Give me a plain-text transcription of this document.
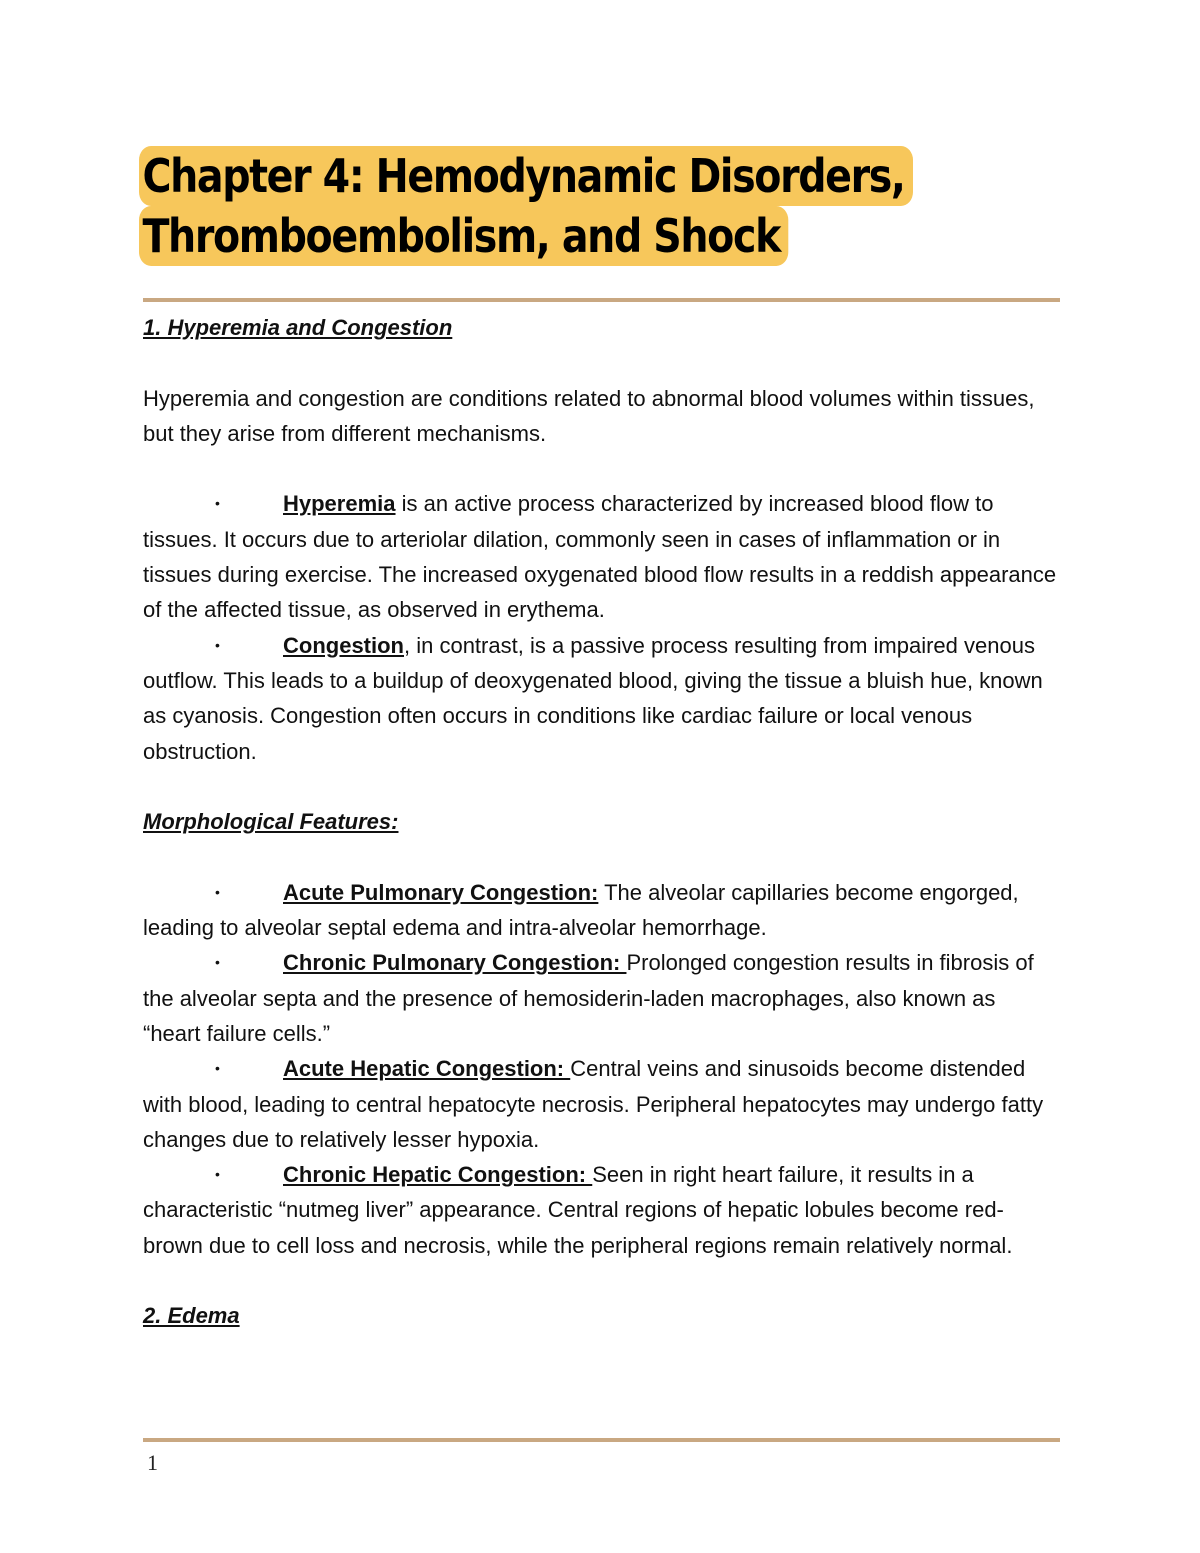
Chapter 4: Hemodynamic Disorders,
Thromboembolism, and Shock

1. Hyperemia and Congestion

Hyperemia and congestion are conditions related to abnormal blood volumes within tissues, but they arise from different mechanisms.

•	Hyperemia is an active process characterized by increased blood flow to tissues. It occurs due to arteriolar dilation, commonly seen in cases of inflammation or in tissues during exercise. The increased oxygenated blood flow results in a reddish appearance of the affected tissue, as observed in erythema.

•	Congestion, in contrast, is a passive process resulting from impaired venous outflow. This leads to a buildup of deoxygenated blood, giving the tissue a bluish hue, known as cyanosis. Congestion often occurs in conditions like cardiac failure or local venous obstruction.

Morphological Features:

•	Acute Pulmonary Congestion: The alveolar capillaries become engorged, leading to alveolar septal edema and intra-alveolar hemorrhage.

•	Chronic Pulmonary Congestion: Prolonged congestion results in fibrosis of the alveolar septa and the presence of hemosiderin-laden macrophages, also known as “heart failure cells.”

•	Acute Hepatic Congestion: Central veins and sinusoids become distended with blood, leading to central hepatocyte necrosis. Peripheral hepatocytes may undergo fatty changes due to relatively lesser hypoxia.

•	Chronic Hepatic Congestion: Seen in right heart failure, it results in a characteristic “nutmeg liver” appearance. Central regions of hepatic lobules become red-brown due to cell loss and necrosis, while the peripheral regions remain relatively normal.

2. Edema

1
